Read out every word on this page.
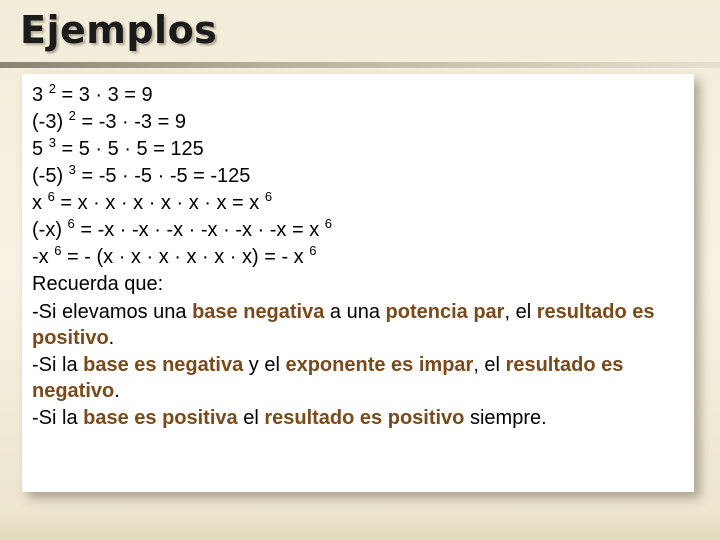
Ejemplos
3 $^2$ = 3 · 3 = 9
(-3) $^2$ = -3 · -3 = 9
5 $^3$ = 5 · 5 · 5 = 125
(-5) $^3$ = -5 · -5 · -5 = -125
x $^6$ = x · x · x · x · x · x = x $^6$
(-x) $^6$ = -x · -x · -x · -x · -x · -x = x $^6$
-x $^6$ = - (x · x · x · x · x · x) = - x $^6$
Recuerda que:
-Si elevamos una base negativa a una potencia par, el resultado es positivo.
-Si la base es negativa y el exponente es impar, el resultado es negativo.
-Si la base es positiva el resultado es positivo siempre.
